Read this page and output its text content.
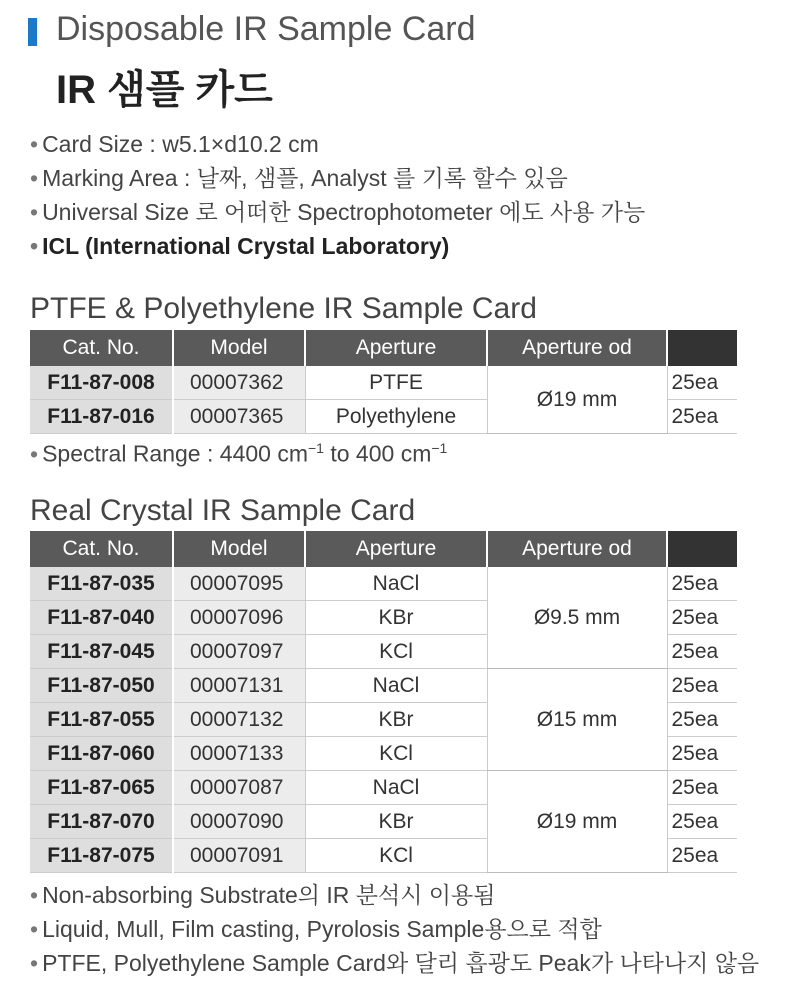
Disposable IR Sample Card
IR 샘플 카드
• Card Size : w5.1×d10.2 cm
• Marking Area : 날짜, 샘플, Analyst 를 기록 할수 있음
• Universal Size 로 어떠한 Spectrophotometer 에도 사용 가능
• ICL (International Crystal Laboratory)
PTFE & Polyethylene IR Sample Card
Cat. No.	Model	Aperture	Aperture od	
F11-87-008	00007362	PTFE	Ø19 mm	25ea
F11-87-016	00007365	Polyethylene		25ea
• Spectral Range : 4400 $cm^{-1}$ to 400 $cm^{-1}$
Real Crystal IR Sample Card
Cat. No.	Model	Aperture	Aperture od	
F11-87-035	00007095	NaCl	Ø9.5 mm	25ea
F11-87-040	00007096	KBr		25ea
F11-87-045	00007097	KCl		25ea
F11-87-050	00007131	NaCl	Ø15 mm	25ea
F11-87-055	00007132	KBr		25ea
F11-87-060	00007133	KCl		25ea
F11-87-065	00007087	NaCl	Ø19 mm	25ea
F11-87-070	00007090	KBr		25ea
F11-87-075	00007091	KCl		25ea
• Non-absorbing Substrate의 IR 분석시 이용됨
• Liquid, Mull, Film casting, Pyrolosis Sample용으로 적합
• PTFE, Polyethylene Sample Card와 달리 흡광도 Peak가 나타나지 않음
